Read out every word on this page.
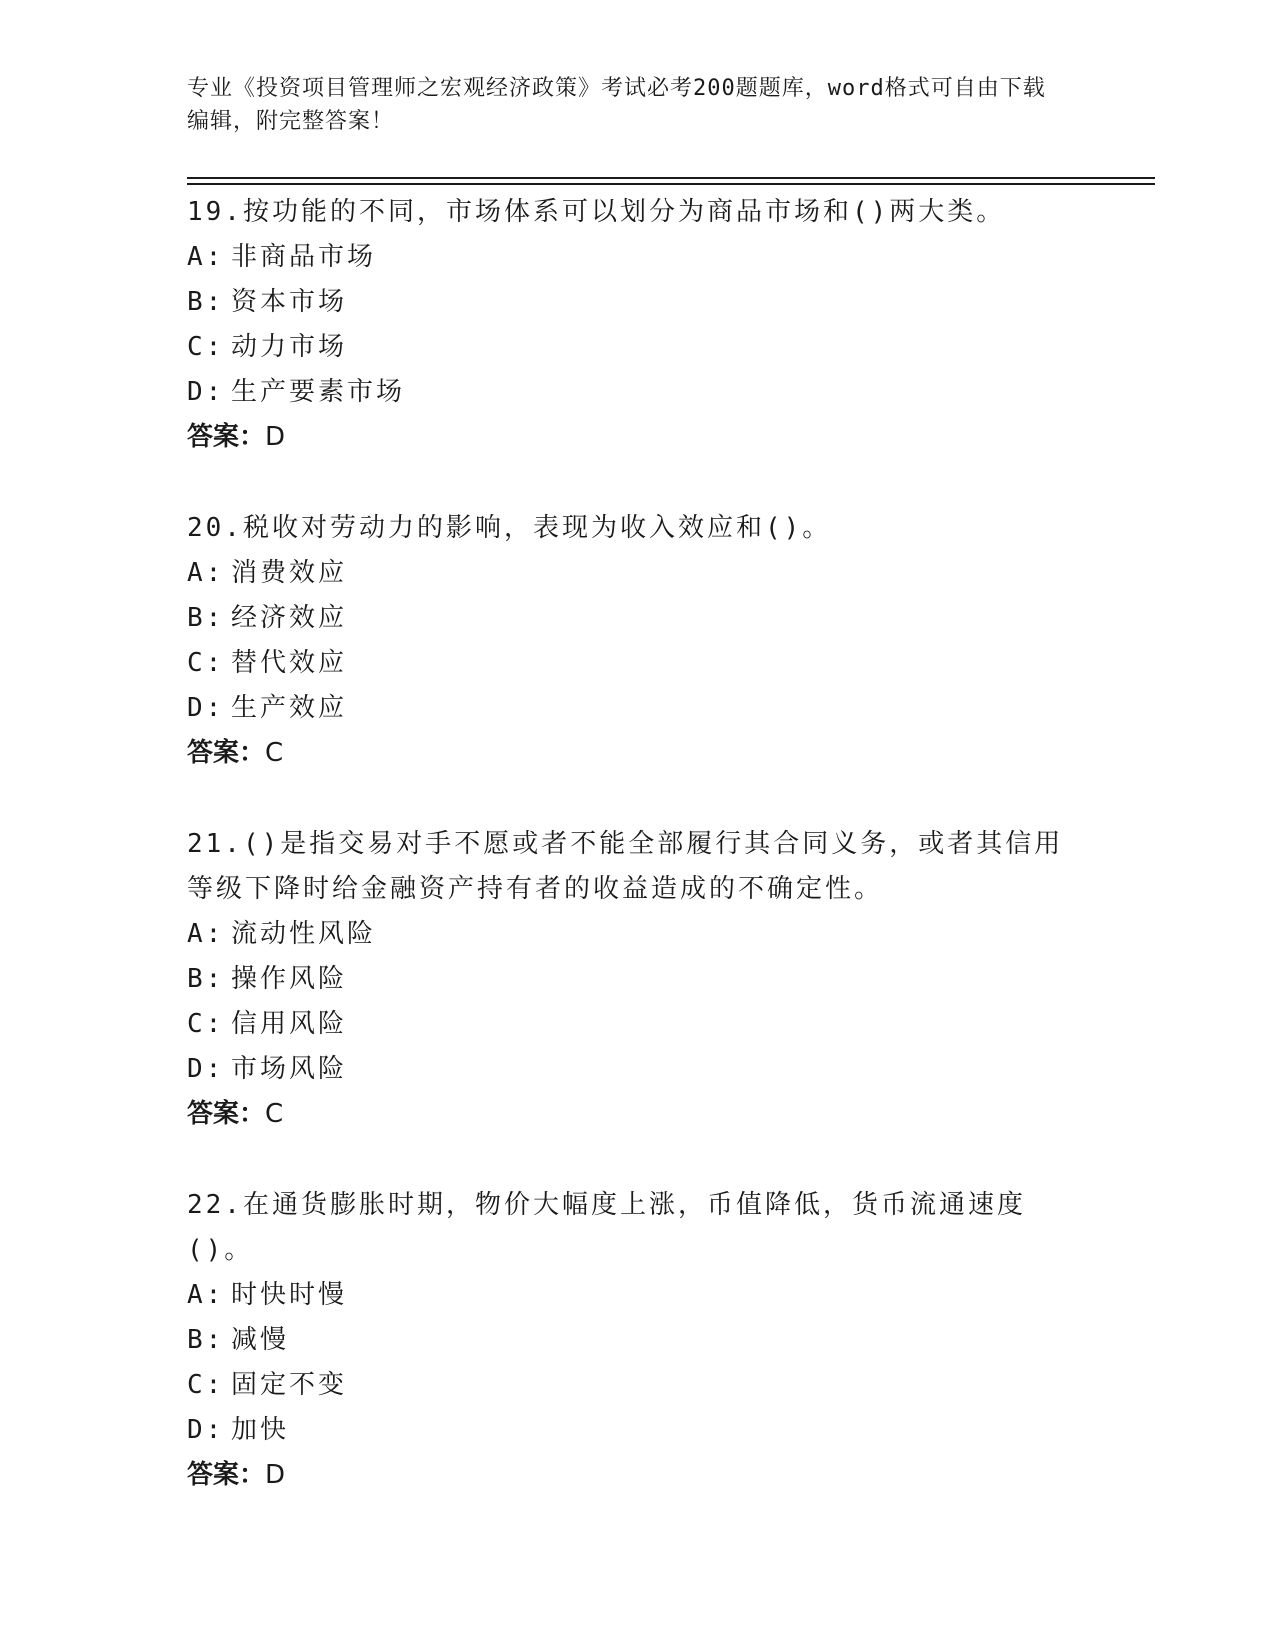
专业《投资项目管理师之宏观经济政策》考试必考200题题库，word格式可自由下载编辑，附完整答案！
19.按功能的不同，市场体系可以划分为商品市场和()两大类。
A: 非商品市场
B: 资本市场
C: 动力市场
D: 生产要素市场
答案：D
20.税收对劳动力的影响，表现为收入效应和()。
A: 消费效应
B: 经济效应
C: 替代效应
D: 生产效应
答案：C
21.()是指交易对手不愿或者不能全部履行其合同义务，或者其信用等级下降时给金融资产持有者的收益造成的不确定性。
A: 流动性风险
B: 操作风险
C: 信用风险
D: 市场风险
答案：C
22.在通货膨胀时期，物价大幅度上涨，币值降低，货币流通速度()。
A: 时快时慢
B: 减慢
C: 固定不变
D: 加快
答案：D
